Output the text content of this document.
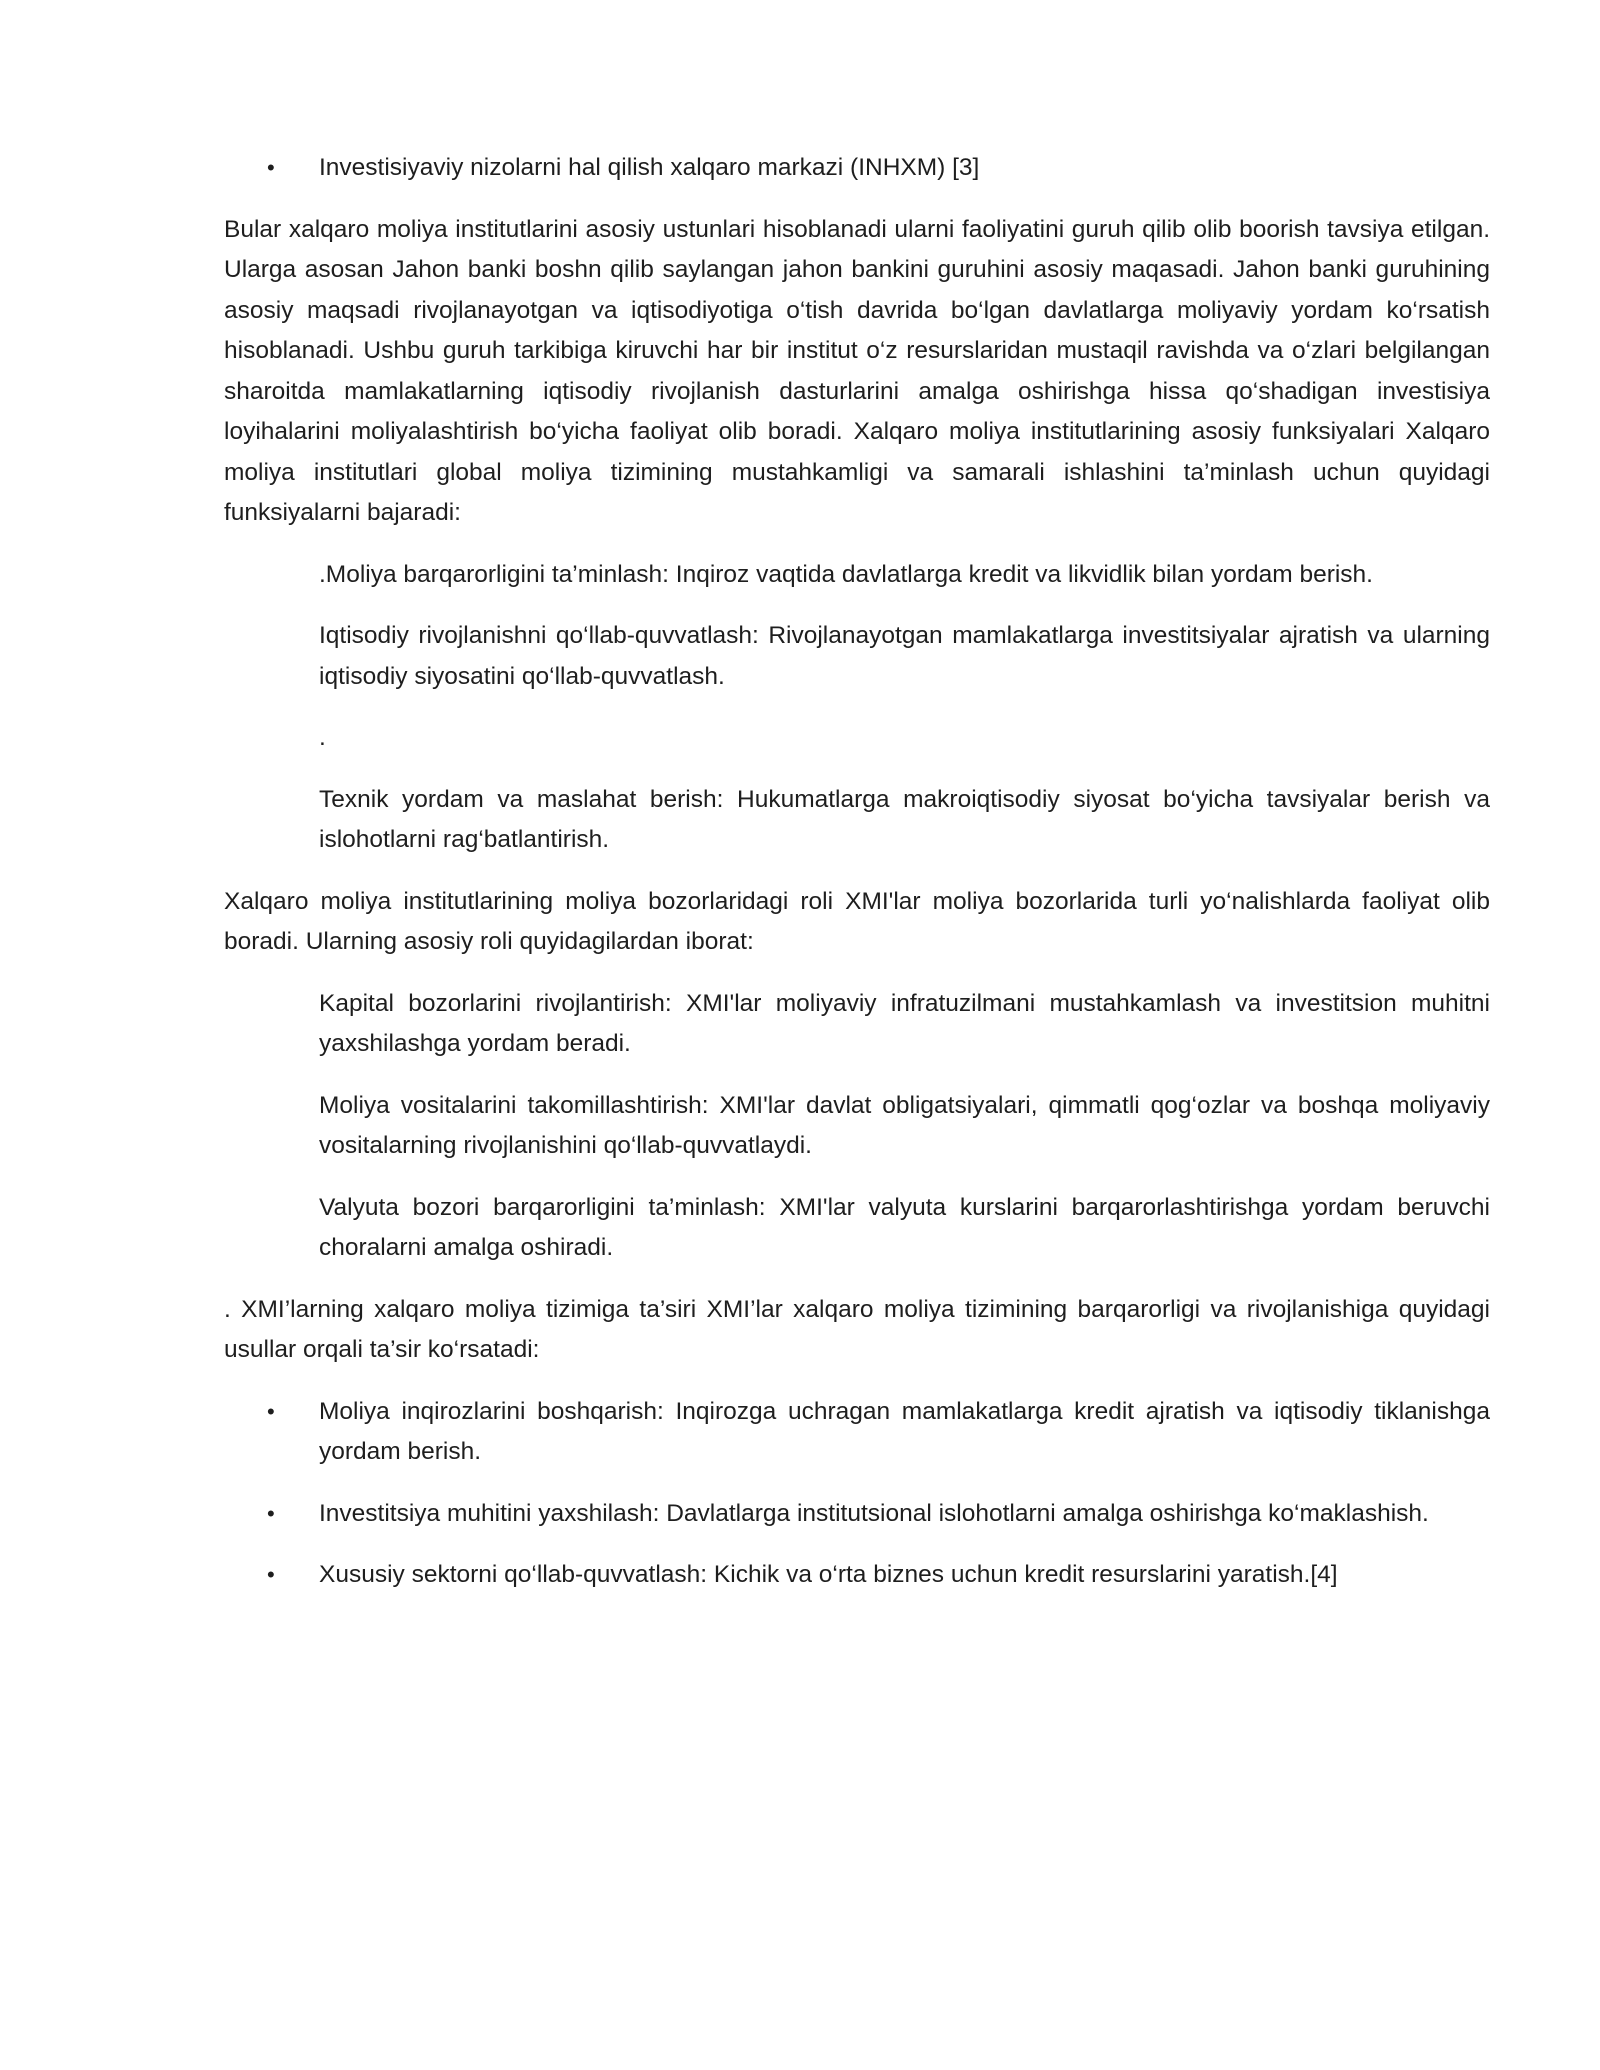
• Investisiyaviy nizolarni hal qilish xalqaro markazi (INHXM) [3]

Bular xalqaro moliya institutlarini asosiy ustunlari hisoblanadi ularni faoliyatini guruh qilib olib boorish tavsiya etilgan. Ularga asosan Jahon banki boshn qilib saylangan jahon bankini guruhini asosiy maqasadi. Jahon banki guruhining asosiy maqsadi rivojlanayotgan va iqtisodiyotiga o‘tish davrida bo‘lgan davlatlarga moliyaviy yordam ko‘rsatish hisoblanadi. Ushbu guruh tarkibiga kiruvchi har bir institut o‘z resurslaridan mustaqil ravishda va o‘zlari belgilangan sharoitda mamlakatlarning iqtisodiy rivojlanish dasturlarini amalga oshirishga hissa qo‘shadigan investisiya loyihalarini moliyalashtirish bo‘yicha faoliyat olib boradi. Xalqaro moliya institutlarining asosiy funksiyalari Xalqaro moliya institutlari global moliya tizimining mustahkamligi va samarali ishlashini ta’minlash uchun quyidagi funksiyalarni bajaradi:

.Moliya barqarorligini ta’minlash: Inqiroz vaqtida davlatlarga kredit va likvidlik bilan yordam berish.

Iqtisodiy rivojlanishni qo‘llab-quvvatlash: Rivojlanayotgan mamlakatlarga investitsiyalar ajratish va ularning iqtisodiy siyosatini qo‘llab-quvvatlash.

.

Texnik yordam va maslahat berish: Hukumatlarga makroiqtisodiy siyosat bo‘yicha tavsiyalar berish va islohotlarni rag‘batlantirish.

Xalqaro moliya institutlarining moliya bozorlaridagi roli XMI'lar moliya bozorlarida turli yo‘nalishlarda faoliyat olib boradi. Ularning asosiy roli quyidagilardan iborat:

Kapital bozorlarini rivojlantirish: XMI'lar moliyaviy infratuzilmani mustahkamlash va investitsion muhitni yaxshilashga yordam beradi.

Moliya vositalarini takomillashtirish: XMI'lar davlat obligatsiyalari, qimmatli qog‘ozlar va boshqa moliyaviy vositalarning rivojlanishini qo‘llab-quvvatlaydi.

Valyuta bozori barqarorligini ta’minlash: XMI'lar valyuta kurslarini barqarorlashtirishga yordam beruvchi choralarni amalga oshiradi.

. XMI’larning xalqaro moliya tizimiga ta’siri XMI’lar xalqaro moliya tizimining barqarorligi va rivojlanishiga quyidagi usullar orqali ta’sir ko‘rsatadi:

• Moliya inqirozlarini boshqarish: Inqirozga uchragan mamlakatlarga kredit ajratish va iqtisodiy tiklanishga yordam berish.
• Investitsiya muhitini yaxshilash: Davlatlarga institutsional islohotlarni amalga oshirishga ko‘maklashish.
• Xususiy sektorni qo‘llab-quvvatlash: Kichik va o‘rta biznes uchun kredit resurslarini yaratish.[4]
